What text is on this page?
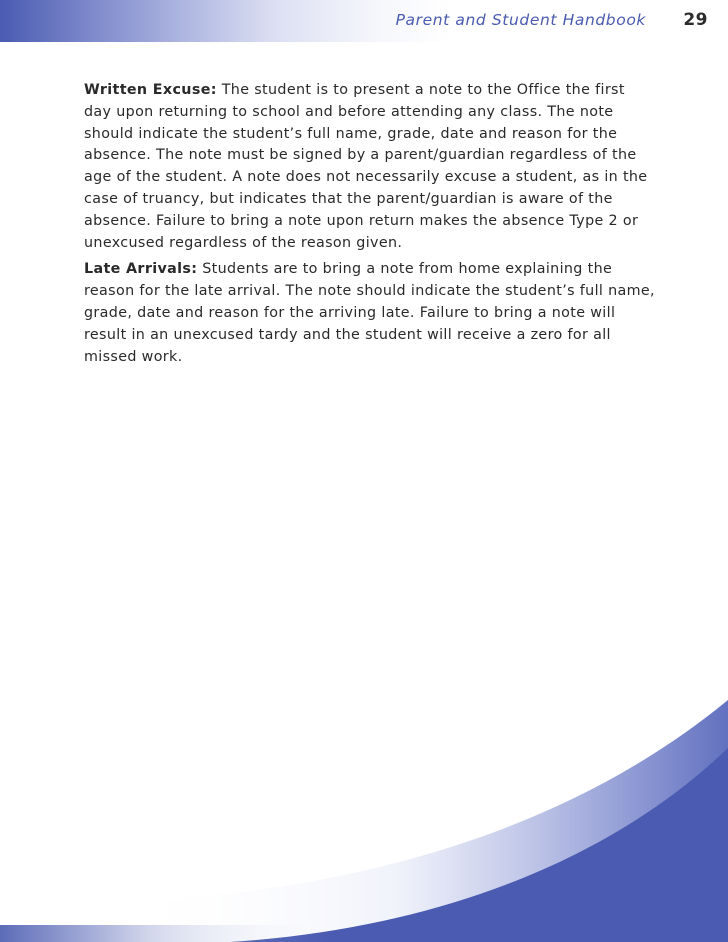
Parent and Student Handbook 29

Written Excuse: The student is to present a note to the Office the first day upon returning to school and before attending any class. The note should indicate the student’s full name, grade, date and reason for the absence. The note must be signed by a parent/guardian regardless of the age of the student. A note does not necessarily excuse a student, as in the case of truancy, but indicates that the parent/guardian is aware of the absence. Failure to bring a note upon return makes the absence Type 2 or unexcused regardless of the reason given.

Late Arrivals: Students are to bring a note from home explaining the reason for the late arrival. The note should indicate the student’s full name, grade, date and reason for the arriving late. Failure to bring a note will result in an unexcused tardy and the student will receive a zero for all missed work.
